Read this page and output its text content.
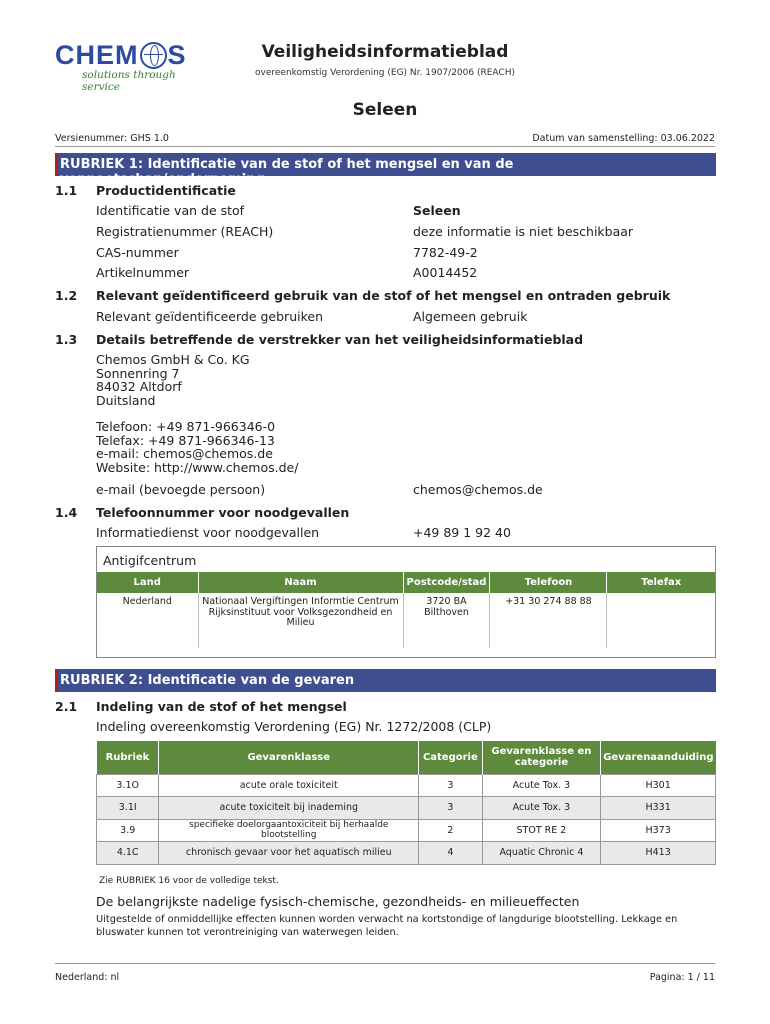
CHEM S
solutions through service
Veiligheidsinformatieblad
overeenkomstig Verordening (EG) Nr. 1907/2006 (REACH)
Seleen
Versienummer: GHS 1.0	Datum van samenstelling: 03.06.2022
RUBRIEK 1: Identificatie van de stof of het mengsel en van de vennootschap/onderneming
1.1 Productidentificatie
Identificatie van de stof	Seleen
Registratienummer (REACH)	deze informatie is niet beschikbaar
CAS-nummer	7782-49-2
Artikelnummer	A0014452
1.2 Relevant geïdentificeerd gebruik van de stof of het mengsel en ontraden gebruik
Relevant geïdentificeerde gebruiken	Algemeen gebruik
1.3 Details betreffende de verstrekker van het veiligheidsinformatieblad
Chemos GmbH & Co. KG
Sonnenring 7
84032 Altdorf
Duitsland
Telefoon: +49 871-966346-0
Telefax: +49 871-966346-13
e-mail: chemos@chemos.de
Website: http://www.chemos.de/
e-mail (bevoegde persoon)	chemos@chemos.de
1.4 Telefoonnummer voor noodgevallen
Informatiedienst voor noodgevallen	+49 89 1 92 40
Antigifcentrum
Land	Naam	Postcode/stad	Telefoon	Telefax
Nederland	Nationaal Vergiftingen Informtie Centrum Rijksinstituut voor Volksgezondheid en Milieu	3720 BA Bilthoven	+31 30 274 88 88	
RUBRIEK 2: Identificatie van de gevaren
2.1 Indeling van de stof of het mengsel
Indeling overeenkomstig Verordening (EG) Nr. 1272/2008 (CLP)
Rubriek	Gevarenklasse	Categorie	Gevarenklasse en categorie	Gevarenaanduiding
3.1O	acute orale toxiciteit	3	Acute Tox. 3	H301
3.1I	acute toxiciteit bij inademing	3	Acute Tox. 3	H331
3.9	specifieke doelorgaantoxiciteit bij herhaalde blootstelling	2	STOT RE 2	H373
4.1C	chronisch gevaar voor het aquatisch milieu	4	Aquatic Chronic 4	H413
Zie RUBRIEK 16 voor de volledige tekst.
De belangrijkste nadelige fysisch-chemische, gezondheids- en milieueffecten
Uitgestelde of onmiddellijke effecten kunnen worden verwacht na kortstondige of langdurige blootstelling. Lekkage en bluswater kunnen tot verontreiniging van waterwegen leiden.
Nederland: nl	Pagina: 1 / 11
